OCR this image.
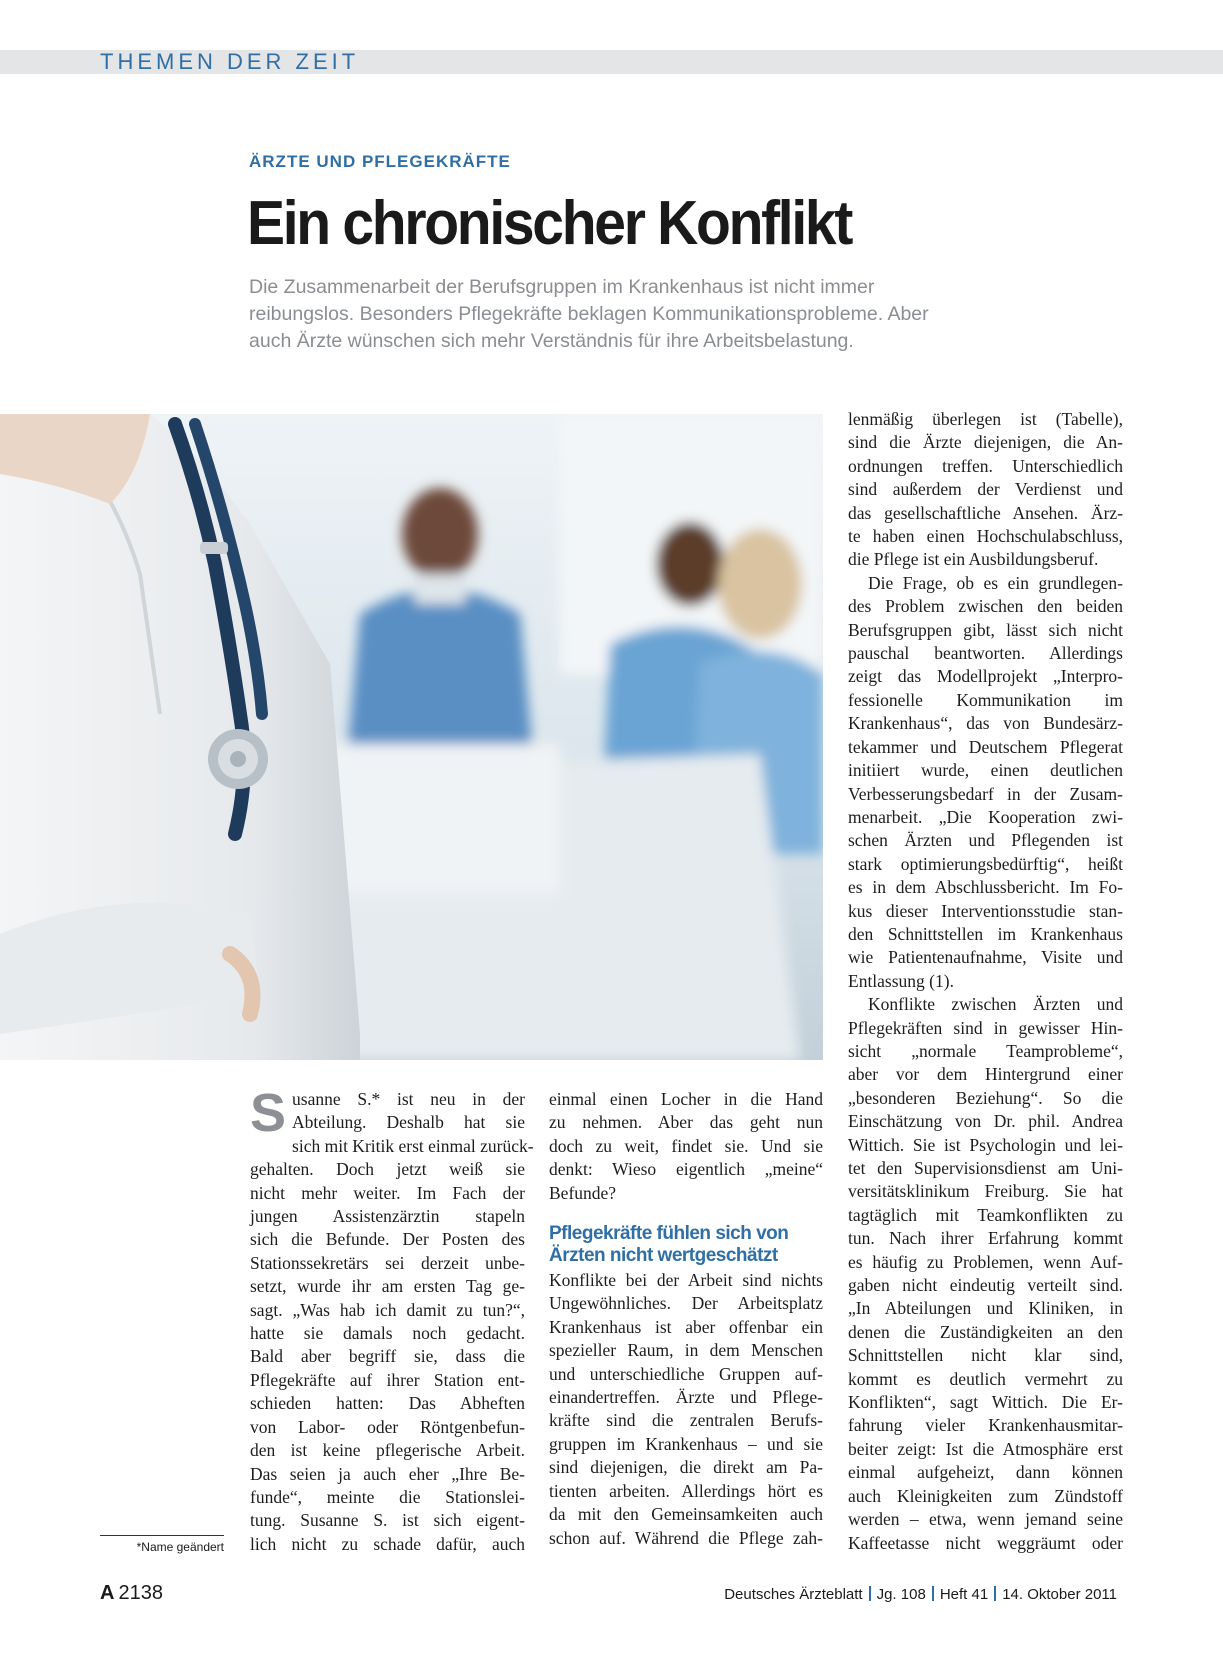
THEMEN DER ZEIT
ÄRZTE UND PFLEGEKRÄFTE
Ein chronischer Konflikt
Die Zusammenarbeit der Berufsgruppen im Krankenhaus ist nicht immer
reibungslos. Besonders Pflegekräfte beklagen Kommunikationsprobleme. Aber
auch Ärzte wünschen sich mehr Verständnis für ihre Arbeitsbelastung.
S usanne S.* ist neu in der
Abteilung. Deshalb hat sie
sich mit Kritik erst einmal zurück-
gehalten. Doch jetzt weiß sie
nicht mehr weiter. Im Fach der
jungen Assistenzärztin stapeln
sich die Befunde. Der Posten des
Stationssekretärs sei derzeit unbe-
setzt, wurde ihr am ersten Tag ge-
sagt. „Was hab ich damit zu tun?“,
hatte sie damals noch gedacht.
Bald aber begriff sie, dass die
Pflegekräfte auf ihrer Station ent-
schieden hatten: Das Abheften
von Labor- oder Röntgenbefun-
den ist keine pflegerische Arbeit.
Das seien ja auch eher „Ihre Be-
funde“, meinte die Stationslei-
tung. Susanne S. ist sich eigent-
lich nicht zu schade dafür, auch
einmal einen Locher in die Hand
zu nehmen. Aber das geht nun
doch zu weit, findet sie. Und sie
denkt: Wieso eigentlich „meine“
Befunde?
Pflegekräfte fühlen sich von
Ärzten nicht wertgeschätzt
Konflikte bei der Arbeit sind nichts
Ungewöhnliches. Der Arbeitsplatz
Krankenhaus ist aber offenbar ein
spezieller Raum, in dem Menschen
und unterschiedliche Gruppen auf-
einandertreffen. Ärzte und Pflege-
kräfte sind die zentralen Berufs-
gruppen im Krankenhaus – und sie
sind diejenigen, die direkt am Pa-
tienten arbeiten. Allerdings hört es
da mit den Gemeinsamkeiten auch
schon auf. Während die Pflege zah-
lenmäßig überlegen ist (Tabelle),
sind die Ärzte diejenigen, die An-
ordnungen treffen. Unterschiedlich
sind außerdem der Verdienst und
das gesellschaftliche Ansehen. Ärz-
te haben einen Hochschulabschluss,
die Pflege ist ein Ausbildungsberuf.
Die Frage, ob es ein grundlegen-
des Problem zwischen den beiden
Berufsgruppen gibt, lässt sich nicht
pauschal beantworten. Allerdings
zeigt das Modellprojekt „Interpro-
fessionelle Kommunikation im
Krankenhaus“, das von Bundesärz-
tekammer und Deutschem Pflegerat
initiiert wurde, einen deutlichen
Verbesserungsbedarf in der Zusam-
menarbeit. „Die Kooperation zwi-
schen Ärzten und Pflegenden ist
stark optimierungsbedürftig“, heißt
es in dem Abschlussbericht. Im Fo-
kus dieser Interventionsstudie stan-
den Schnittstellen im Krankenhaus
wie Patientenaufnahme, Visite und
Entlassung (1).
Konflikte zwischen Ärzten und
Pflegekräften sind in gewisser Hin-
sicht „normale Teamprobleme“,
aber vor dem Hintergrund einer
„besonderen Beziehung“. So die
Einschätzung von Dr. phil. Andrea
Wittich. Sie ist Psychologin und lei-
tet den Supervisionsdienst am Uni-
versitätsklinikum Freiburg. Sie hat
tagtäglich mit Teamkonflikten zu
tun. Nach ihrer Erfahrung kommt
es häufig zu Problemen, wenn Auf-
gaben nicht eindeutig verteilt sind.
„In Abteilungen und Kliniken, in
denen die Zuständigkeiten an den
Schnittstellen nicht klar sind,
kommt es deutlich vermehrt zu
Konflikten“, sagt Wittich. Die Er-
fahrung vieler Krankenhausmitar-
beiter zeigt: Ist die Atmosphäre erst
einmal aufgeheizt, dann können
auch Kleinigkeiten zum Zündstoff
werden – etwa, wenn jemand seine
Kaffeetasse nicht weggräumt oder
*Name geändert
A 2138	Deutsches Ärzteblatt Jg. 108 Heft 41 14. Oktober 2011
